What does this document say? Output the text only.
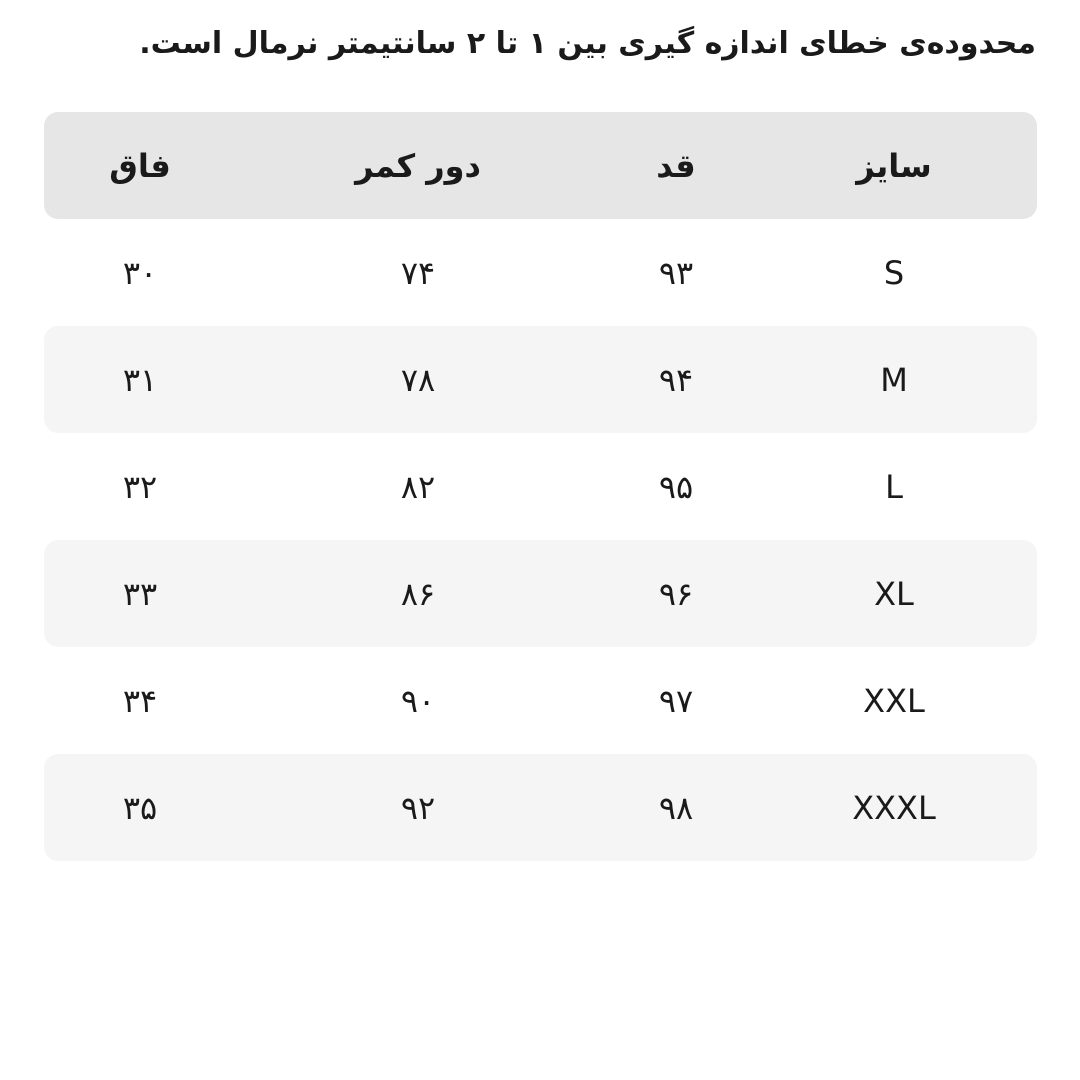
محدوده‌ی خطای اندازه گیری بین ۱ تا ۲ سانتیمتر نرمال است.
سایز
قد
دور کمر
فاق
S
۹۳
۷۴
۳۰
M
۹۴
۷۸
۳۱
L
۹۵
۸۲
۳۲
XL
۹۶
۸۶
۳۳
XXL
۹۷
۹۰
۳۴
XXXL
۹۸
۹۲
۳۵
